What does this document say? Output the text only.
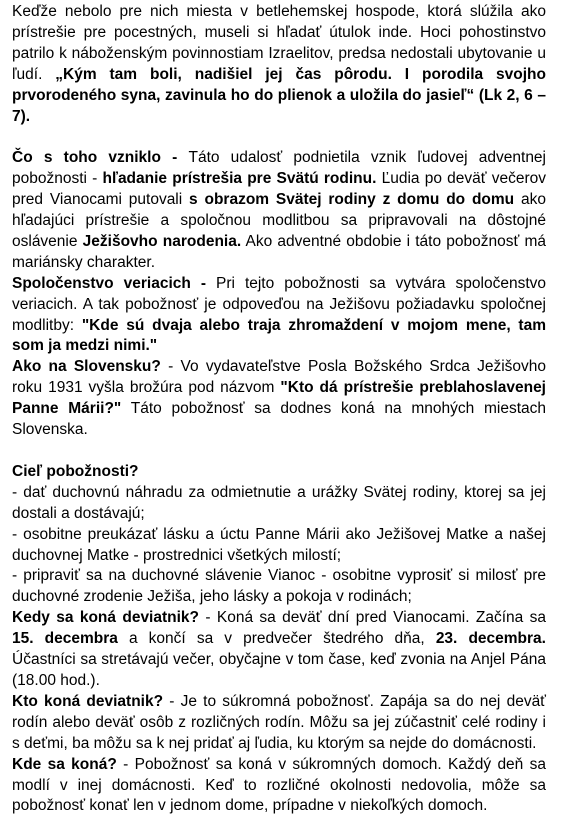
Keďže nebolo pre nich miesta v betlehemskej hospode, ktorá slúžila ako prístrešie pre pocestných, museli si hľadať útulok inde. Hoci pohostinstvo patrilo k náboženským povinnostiam Izraelitov, predsa nedostali ubytovanie u ľudí. „Kým tam boli, nadišiel jej čas pôrodu. I porodila svojho prvorodeného syna, zavinula ho do plienok a uložila do jasieľ“ (Lk 2, 6 – 7).

Čo s toho vzniklo - Táto udalosť podnietila vznik ľudovej adventnej pobožnosti - hľadanie prístrešia pre Svätú rodinu. Ľudia po deväť večerov pred Vianocami putovali s obrazom Svätej rodiny z domu do domu ako hľadajúci prístrešie a spoločnou modlitbou sa pripravovali na dôstojné oslávenie Ježišovho narodenia. Ako adventné obdobie i táto pobožnosť má mariánsky charakter.

Spoločenstvo veriacich - Pri tejto pobožnosti sa vytvára spoločenstvo veriacich. A tak pobožnosť je odpoveďou na Ježišovu požiadavku spoločnej modlitby: "Kde sú dvaja alebo traja zhromaždení v mojom mene, tam som ja medzi nimi."

Ako na Slovensku? - Vo vydavateľstve Posla Božského Srdca Ježišovho roku 1931 vyšla brožúra pod názvom "Kto dá prístrešie preblahoslavenej Panne Márii?" Táto pobožnosť sa dodnes koná na mnohých miestach Slovenska.

Cieľ pobožnosti?

- dať duchovnú náhradu za odmietnutie a urážky Svätej rodiny, ktorej sa jej dostali a dostávajú;

- osobitne preukázať lásku a úctu Panne Márii ako Ježišovej Matke a našej duchovnej Matke - prostrednici všetkých milostí;

- pripraviť sa na duchovné slávenie Vianoc - osobitne vyprosiť si milosť pre duchovné zrodenie Ježiša, jeho lásky a pokoja v rodinách;

Kedy sa koná deviatnik? - Koná sa deväť dní pred Vianocami. Začína sa 15. decembra a končí sa v predvečer štedrého dňa, 23. decembra. Účastníci sa stretávajú večer, obyčajne v tom čase, keď zvonia na Anjel Pána (18.00 hod.).

Kto koná deviatnik? - Je to súkromná pobožnosť. Zapája sa do nej deväť rodín alebo deväť osôb z rozličných rodín. Môžu sa jej zúčastniť celé rodiny i s deťmi, ba môžu sa k nej pridať aj ľudia, ku ktorým sa nejde do domácnosti.

Kde sa koná? - Pobožnosť sa koná v súkromných domoch. Každý deň sa modlí v inej domácnosti. Keď to rozličné okolnosti nedovolia, môže sa pobožnosť konať len v jednom dome, prípadne v niekoľkých domoch.
